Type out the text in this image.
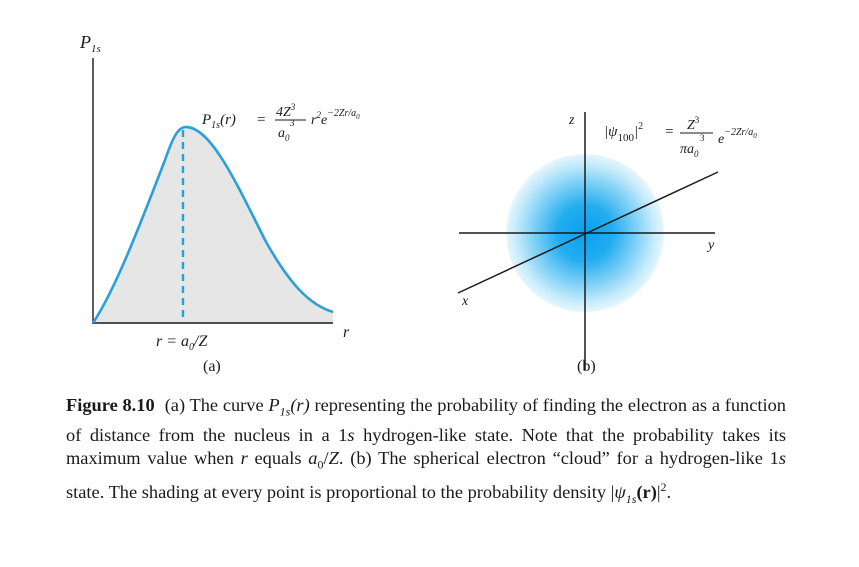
$P_{1s}$
r
$r = a_0/Z$
(a)
$P_{1s}(r) = 4Z^3$
$a_0$
3 $r^2e^{-2Zr/a}_0$	z
x
y
(b)
$|\psi_{100}|^2 = Z^3$
$\pi a_0$
3 $e^{-2Zr/a}_0$
Figure 8.10 (a) The curve $P_{1s}(r)$ representing the probability of finding the electron as a function of distance from the nucleus in a 1s hydrogen-like state. Note that the probability takes its maximum value when r equals $a_0/Z$. (b) The spherical electron “cloud” for a hydrogen-like 1s state. The shading at every point is proportional to the probability density $|\psi_{1s}(r)|^2$.
